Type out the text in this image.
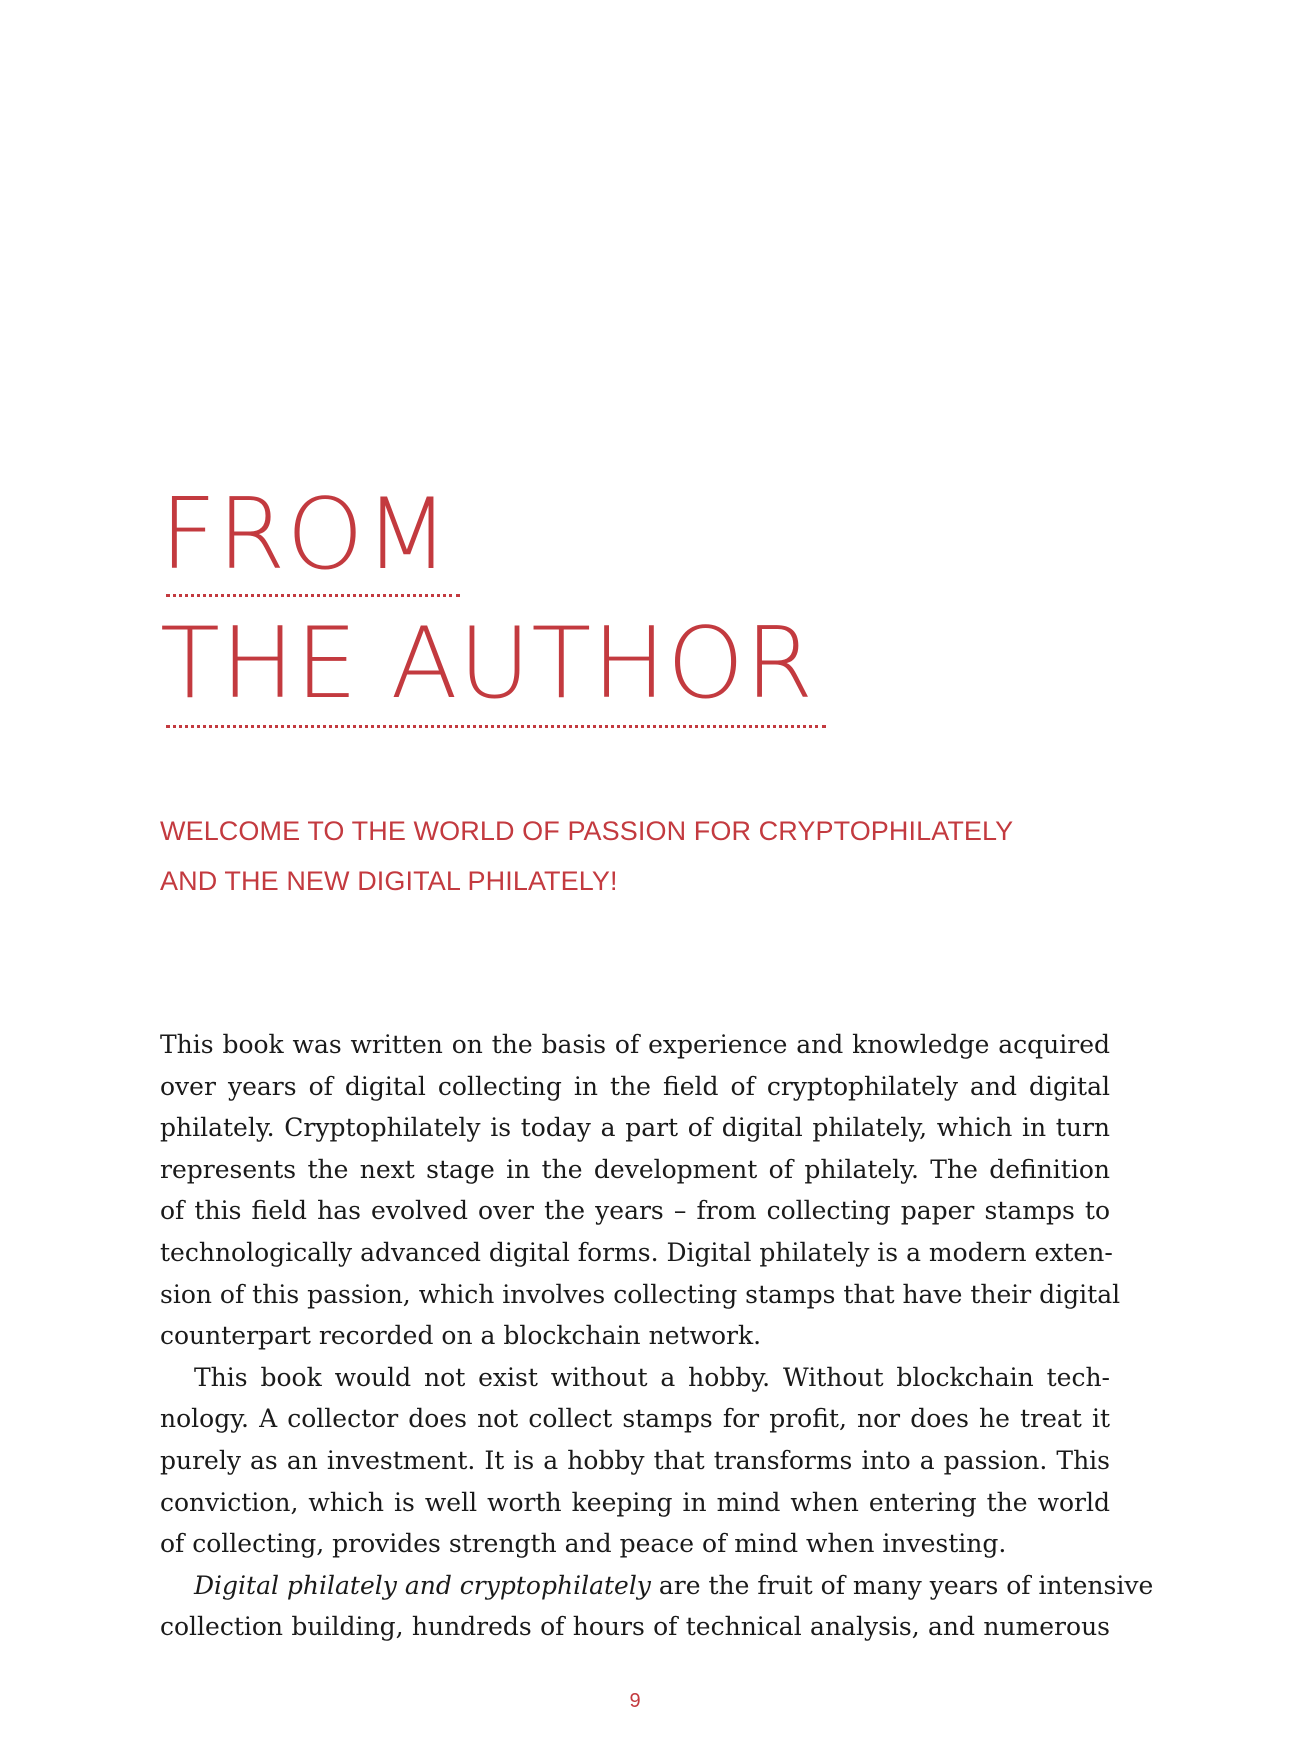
FROM
THE AUTHOR
WELCOME TO THE WORLD OF PASSION FOR CRYPTOPHILATELY
AND THE NEW DIGITAL PHILATELY!
This book was written on the basis of experience and knowledge acquired
over years of digital collecting in the field of cryptophilately and digital
philately. Cryptophilately is today a part of digital philately, which in turn
represents the next stage in the development of philately. The definition
of this field has evolved over the years – from collecting paper stamps to
technologically advanced digital forms. Digital philately is a modern exten-
sion of this passion, which involves collecting stamps that have their digital
counterpart recorded on a blockchain network.
This book would not exist without a hobby. Without blockchain tech-
nology. A collector does not collect stamps for profit, nor does he treat it
purely as an investment. It is a hobby that transforms into a passion. This
conviction, which is well worth keeping in mind when entering the world
of collecting, provides strength and peace of mind when investing.
Digital philately and cryptophilately are the fruit of many years of intensive
collection building, hundreds of hours of technical analysis, and numerous
9
